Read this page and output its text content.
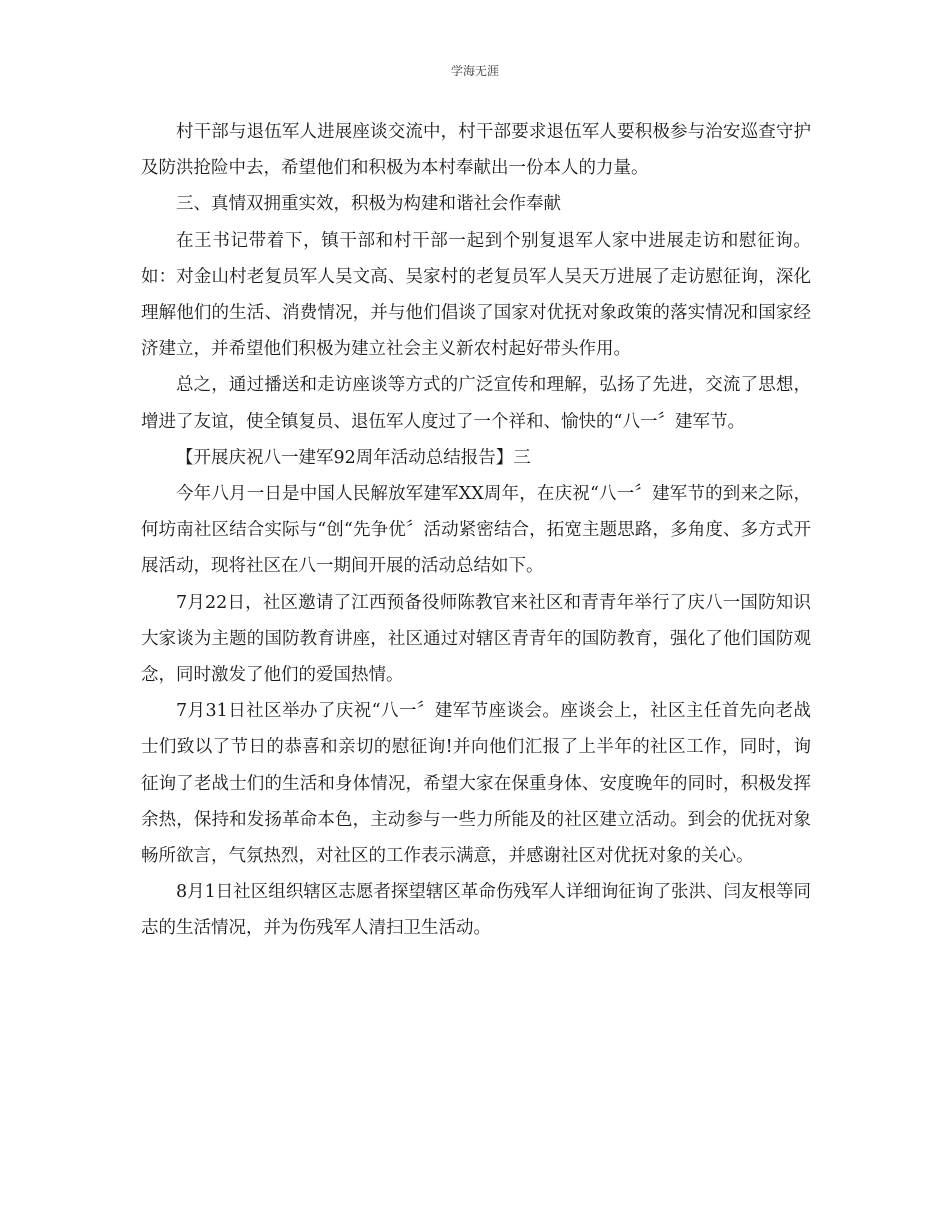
学海无涯

村干部与退伍军人进展座谈交流中，村干部要求退伍军人要积极参与治安巡查守护及防洪抢险中去，希望他们和积极为本村奉献出一份本人的力量。

三、真情双拥重实效，积极为构建和谐社会作奉献

在王书记带着下，镇干部和村干部一起到个别复退军人家中进展走访和慰征询。如：对金山村老复员军人吴文高、吴家村的老复员军人吴天万进展了走访慰征询，深化理解他们的生活、消费情况，并与他们倡谈了国家对优抚对象政策的落实情况和国家经济建立，并希望他们积极为建立社会主义新农村起好带头作用。

总之，通过播送和走访座谈等方式的广泛宣传和理解，弘扬了先进，交流了思想，增进了友谊，使全镇复员、退伍军人度过了一个祥和、愉快的“八一〞建军节。

【开展庆祝八一建军92周年活动总结报告】三

今年八月一日是中国人民解放军建军XX周年，在庆祝“八一〞建军节的到来之际，何坊南社区结合实际与“创“先争优〞活动紧密结合，拓宽主题思路，多角度、多方式开展活动，现将社区在八一期间开展的活动总结如下。

7月22日，社区邀请了江西预备役师陈教官来社区和青青年举行了庆八一国防知识大家谈为主题的国防教育讲座，社区通过对辖区青青年的国防教育，强化了他们国防观念，同时激发了他们的爱国热情。

7月31日社区举办了庆祝“八一〞建军节座谈会。座谈会上，社区主任首先向老战士们致以了节日的恭喜和亲切的慰征询!并向他们汇报了上半年的社区工作，同时，询征询了老战士们的生活和身体情况，希望大家在保重身体、安度晚年的同时，积极发挥余热，保持和发扬革命本色，主动参与一些力所能及的社区建立活动。到会的优抚对象畅所欲言，气氛热烈，对社区的工作表示满意，并感谢社区对优抚对象的关心。

8月1日社区组织辖区志愿者探望辖区革命伤残军人详细询征询了张洪、闫友根等同志的生活情况，并为伤残军人清扫卫生活动。
